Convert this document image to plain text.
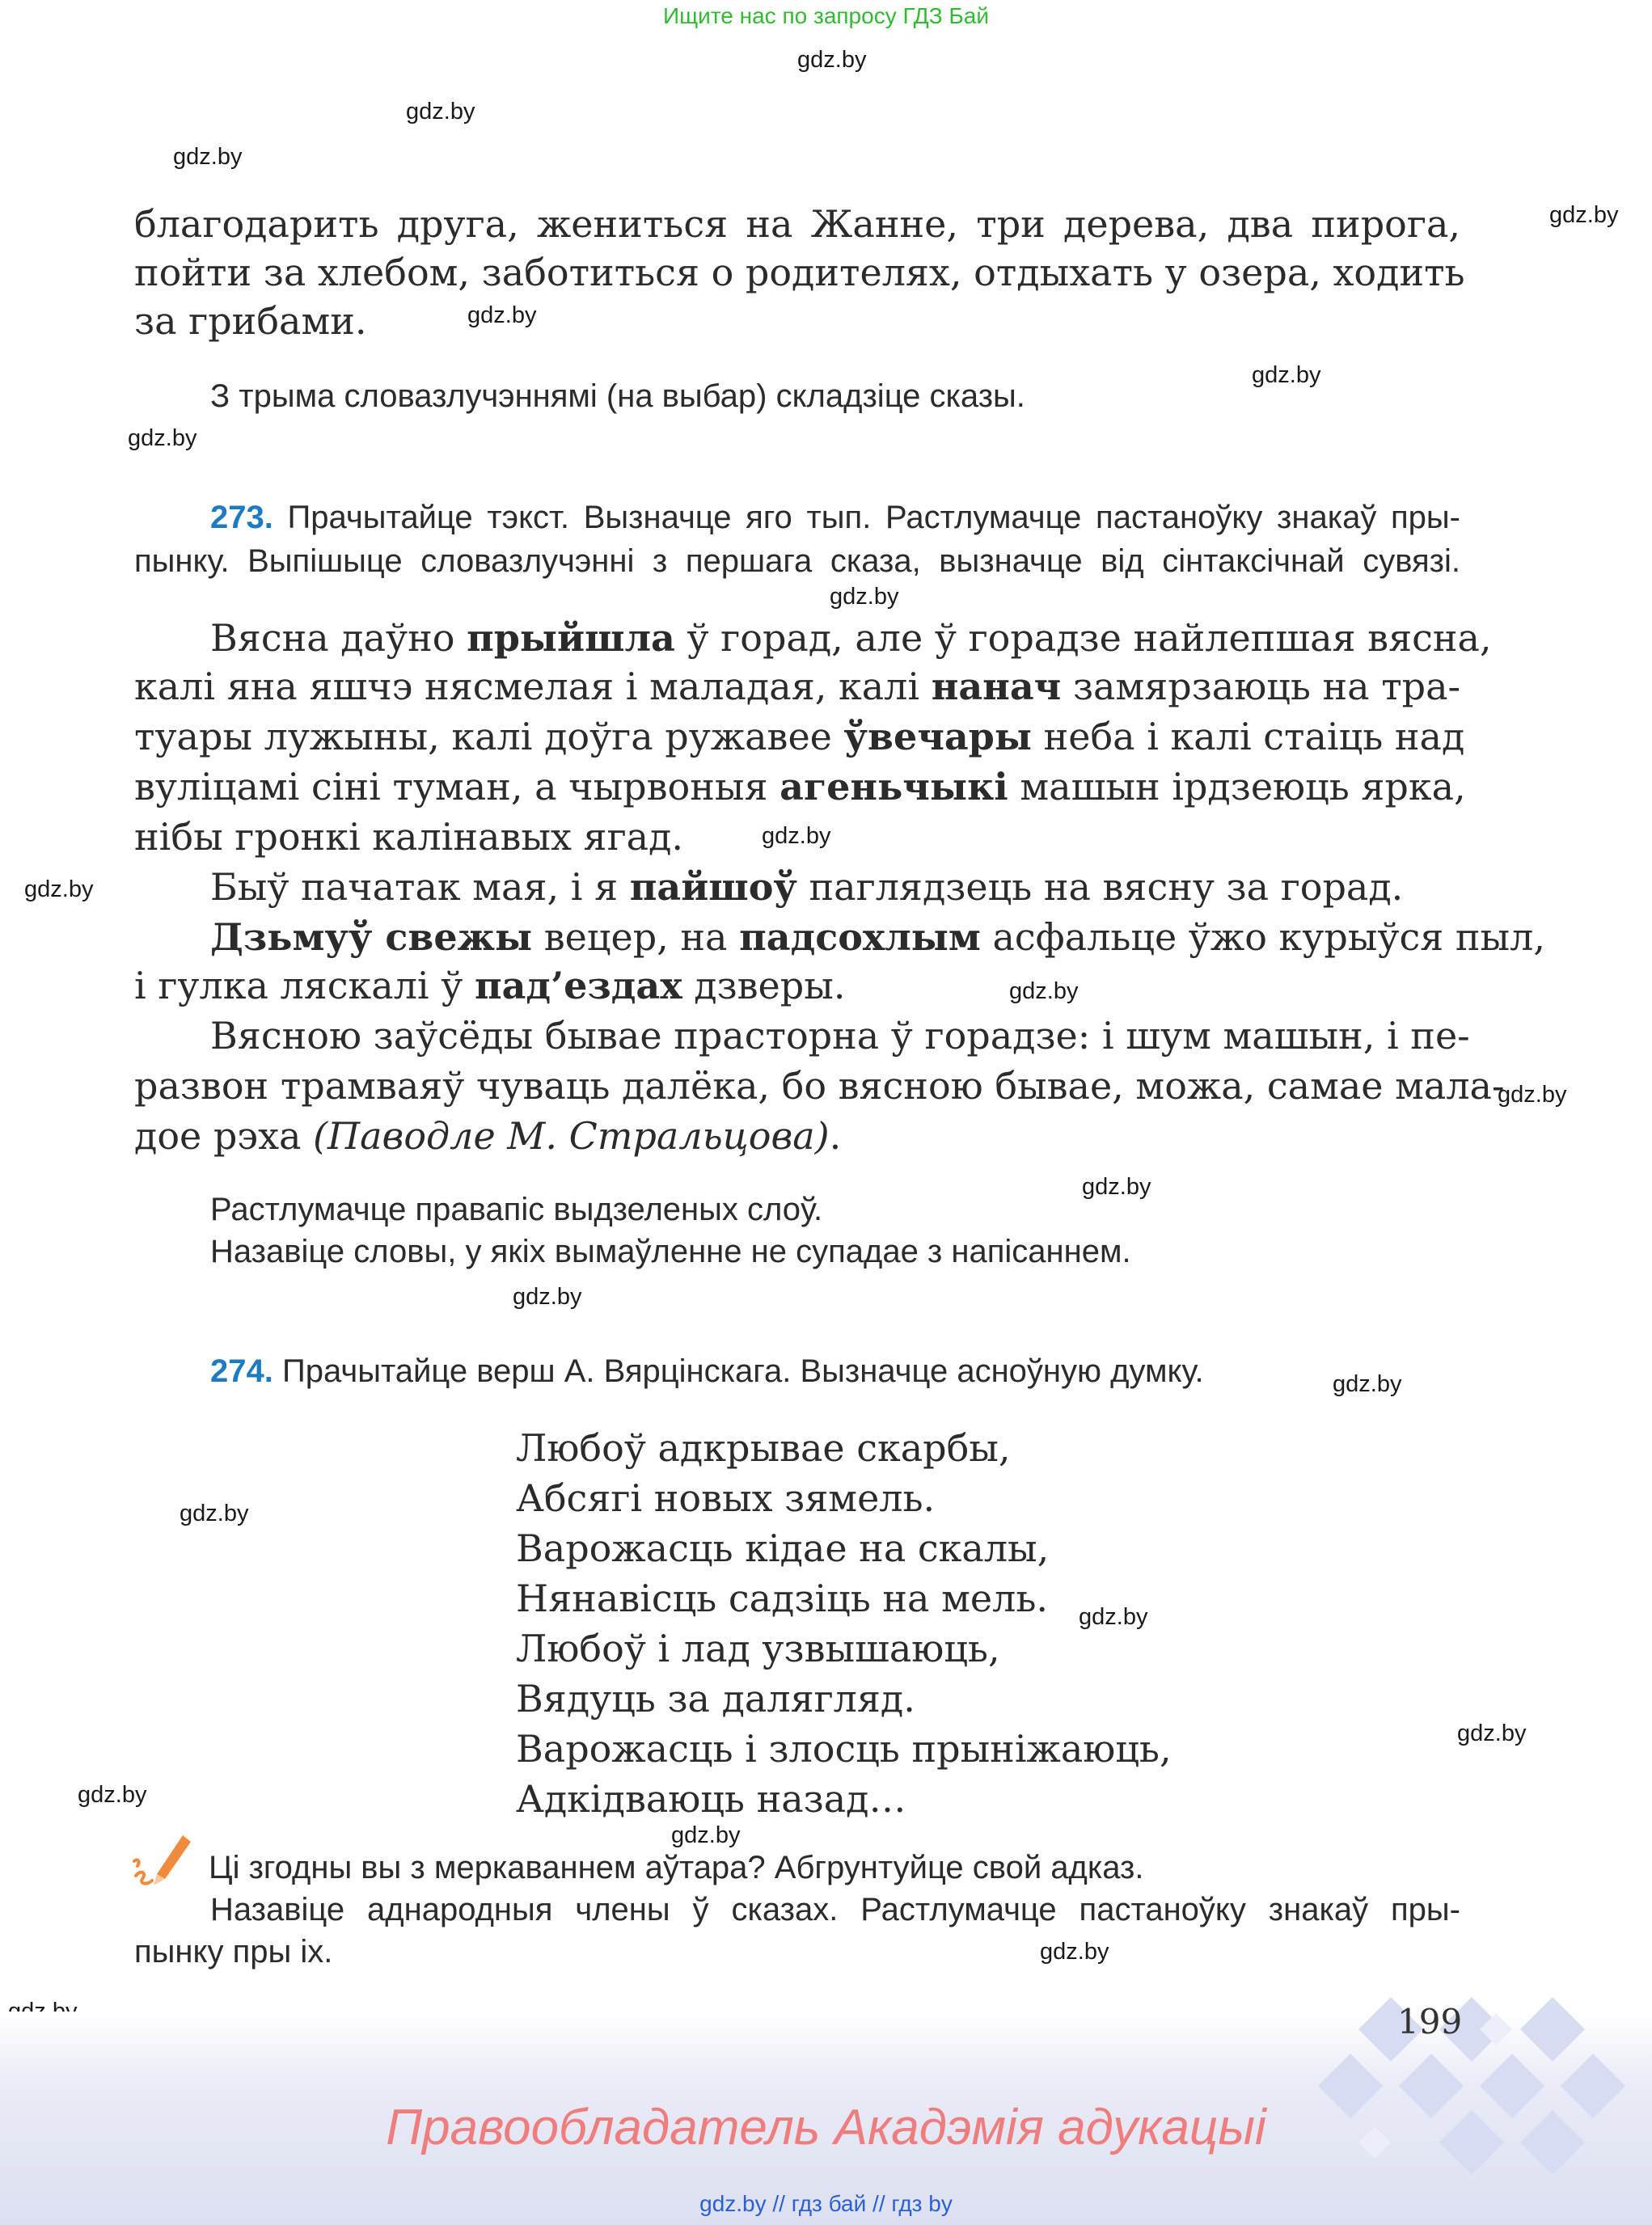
Ищите нас по запросу ГДЗ Бай
gdz.by
gdz.by
gdz.by
gdz.by
gdz.by
gdz.by
gdz.by
gdz.by
gdz.by
gdz.by
gdz.by
gdz.by
gdz.by
gdz.by
gdz.by
gdz.by
gdz.by
gdz.by
gdz.by
gdz.by
gdz.by
благодарить друга, жениться на Жанне, три дерева, два пирога,
пойти за хлебом, заботиться о родителях, отдыхать у озера, ходить
за грибами.
З трыма словазлучэннямі (на выбар) складзіце сказы.
273. Прачытайце тэкст. Вызначце яго тып. Растлумачце пастаноўку знакаў пры-
пынку. Выпішыце словазлучэнні з першага сказа, вызначце від сінтаксічнай сувязі.
Вясна даўно прыйшла ў горад, але ў горадзе найлепшая вясна,
калі яна яшчэ нясмелая і маладая, калі нанач замярзаюць на тра-
туары лужыны, калі доўга ружавее ўвечары неба і калі стаіць над
вуліцамі сіні туман, а чырвоныя агеньчыкі машын ірдзеюць ярка,
нібы гронкі калінавых ягад.
Быў пачатак мая, і я пайшоў паглядзець на вясну за горад.
Дзьмуў свежы вецер, на падсохлым асфальце ўжо курыўся пыл,
і гулка ляскалі ў пад’ездах дзверы.
Вясною заўсёды бывае прасторна ў горадзе: і шум машын, і пе-
развон трамваяў чуваць далёка, бо вясною бывае, можа, самае мала-
дое рэха (Паводле М. Стральцова).
Растлумачце правапіс выдзеленых слоў.
Назавіце словы, у якіх вымаўленне не супадае з напісаннем.
274. Прачытайце верш А. Вярцінскага. Вызначце асноўную думку.
Любоў адкрывае скарбы,
Абсягі новых зямель.
Варожасць кідае на скалы,
Нянавісць садзіць на мель.
Любоў і лад узвышаюць,
Вядуць за далягляд.
Варожасць і злосць прыніжаюць,
Адкідваюць назад…
Ці згодны вы з меркаваннем аўтара? Абгрунтуйце свой адказ.
Назавіце аднародныя члены ў сказах. Растлумачце пастаноўку знакаў пры-
пынку пры іх.
199
Правообладатель Акадэмія адукацыі
gdz.by // гдз бай // гдз by
